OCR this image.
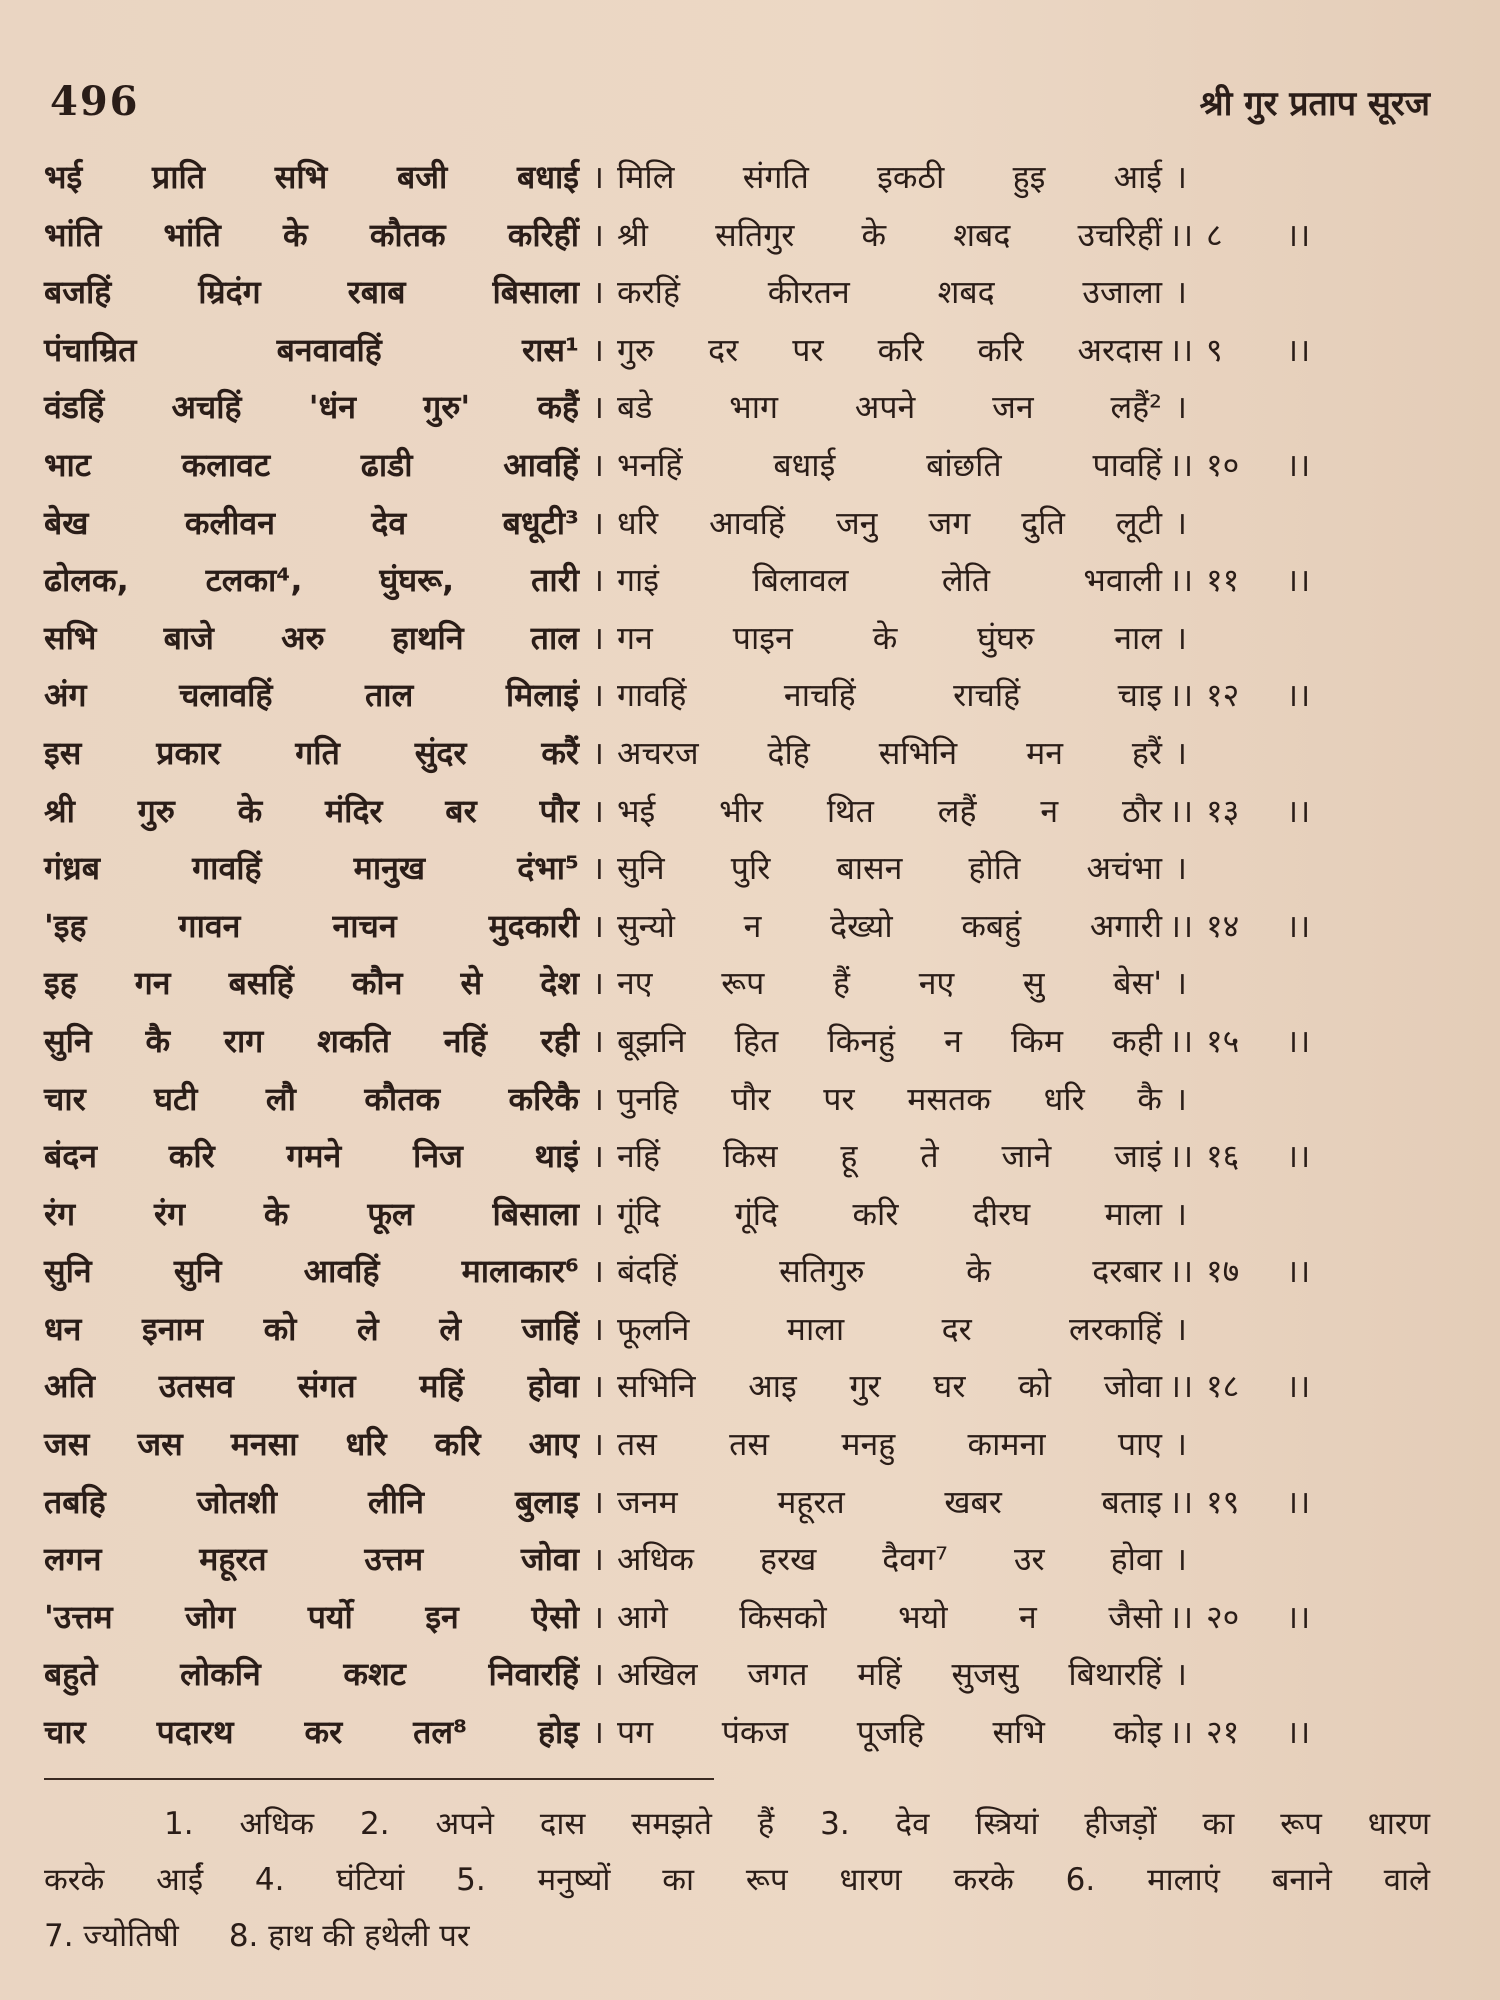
496	श्री गुर प्रताप सूरज
भई प्राति सभि बजी बधाई । मिलि संगति इकठी हुइ आई ।
भांति भांति के कौतक करिहीं । श्री सतिगुर के शबद उचरिहीं ।। ८	।।
बजहिं म्रिदंग रबाब बिसाला । करहिं कीरतन शबद उजाला ।
पंचाम्रित बनवावहिं रास¹ । गुरु दर पर करि करि अरदास ।। ९	।।
वंडहिं अचहिं 'धंन गुरु' कहैं । बडे भाग अपने जन लहैं² ।
भाट कलावट ढाडी आवहिं । भनहिं बधाई बांछति पावहिं ।। १०	।।
बेख कलीवन देव बधूटी³ । धरि आवहिं जनु जग दुति लूटी ।
ढोलक, टलका⁴, घुंघरू, तारी । गाइं बिलावल लेति भवाली ।। ११	।।
सभि बाजे अरु हाथनि ताल । गन पाइन के घुंघरु नाल ।
अंग चलावहिं ताल मिलाइं । गावहिं नाचहिं राचहिं चाइ ।। १२	।।
इस प्रकार गति सुंदर करैं । अचरज देहि सभिनि मन हरैं ।
श्री गुरु के मंदिर बर पौर । भई भीर थित लहैं न ठौर ।। १३	।।
गंध्रब गावहिं मानुख दंभा⁵ । सुनि पुरि बासन होति अचंभा ।
'इह गावन नाचन मुदकारी । सुन्यो न देख्यो कबहुं अगारी ।। १४	।।
इह गन बसहिं कौन से देश । नए रूप हैं नए सु बेस' ।
सुनि कै राग शकति नहिं रही । बूझनि हित किनहुं न किम कही ।। १५	।।
चार घटी लौ कौतक करिकै । पुनहि पौर पर मसतक धरि कै ।
बंदन करि गमने निज थाइं । नहिं किस हू ते जाने जाइं ।। १६	।।
रंग रंग के फूल बिसाला । गूंदि गूंदि करि दीरघ माला ।
सुनि सुनि आवहिं मालाकार⁶ । बंदहिं सतिगुरु के दरबार ।। १७	।।
धन इनाम को ले ले जाहिं । फूलनि माला दर लरकाहिं ।
अति उतसव संगत महिं होवा । सभिनि आइ गुर घर को जोवा ।। १८	।।
जस जस मनसा धरि करि आए । तस तस मनहु कामना पाए ।
तबहि जोतशी लीनि बुलाइ । जनम महूरत खबर बताइ ।। १९	।।
लगन महूरत उत्तम जोवा । अधिक हरख दैवग⁷ उर होवा ।
'उत्तम जोग पर्यो इन ऐसो । आगे किसको भयो न जैसो ।। २०	।।
बहुते लोकनि कशट निवारहिं । अखिल जगत महिं सुजसु बिथारहिं ।
चार पदारथ कर तल⁸ होइ । पग पंकज पूजहि सभि कोइ ।। २१	।।
1. अधिक 2. अपने दास समझते हैं 3. देव स्त्रियां हीजड़ों का रूप धारण
करके आईं 4. घंटियां 5. मनुष्यों का रूप धारण करके 6. मालाएं बनाने वाले
7. ज्योतिषी 8. हाथ की हथेली पर
